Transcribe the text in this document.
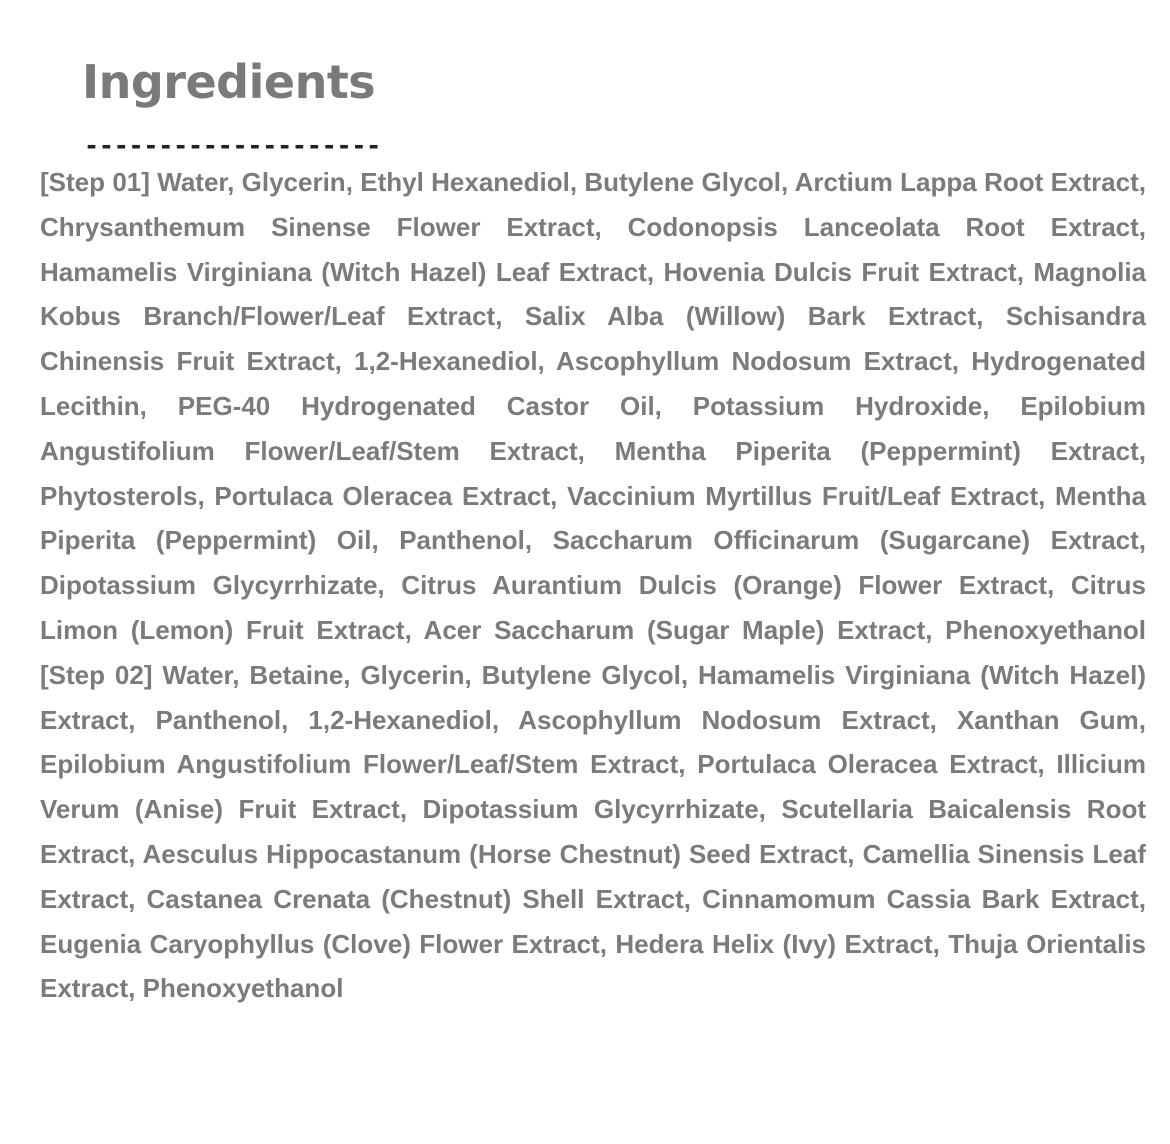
Ingredients
--------------------

[Step 01] Water, Glycerin, Ethyl Hexanediol, Butylene Glycol, Arctium Lappa Root Extract, Chrysanthemum Sinense Flower Extract, Codonopsis Lanceolata Root Extract, Hamamelis Virginiana (Witch Hazel) Leaf Extract, Hovenia Dulcis Fruit Extract, Magnolia Kobus Branch/Flower/Leaf Extract, Salix Alba (Willow) Bark Extract, Schisandra Chinensis Fruit Extract, 1,2-Hexanediol, Ascophyllum Nodosum Extract, Hydrogenated Lecithin, PEG-40 Hydrogenated Castor Oil, Potassium Hydroxide, Epilobium Angustifolium Flower/Leaf/Stem Extract, Mentha Piperita (Peppermint) Extract, Phytosterols, Portulaca Oleracea Extract, Vaccinium Myrtillus Fruit/Leaf Extract, Mentha Piperita (Peppermint) Oil, Panthenol, Saccharum Officinarum (Sugarcane) Extract, Dipotassium Glycyrrhizate, Citrus Aurantium Dulcis (Orange) Flower Extract, Citrus Limon (Lemon) Fruit Extract, Acer Saccharum (Sugar Maple) Extract, Phenoxyethanol

[Step 02] Water, Betaine, Glycerin, Butylene Glycol, Hamamelis Virginiana (Witch Hazel) Extract, Panthenol, 1,2-Hexanediol, Ascophyllum Nodosum Extract, Xanthan Gum, Epilobium Angustifolium Flower/Leaf/Stem Extract, Portulaca Oleracea Extract, Illicium Verum (Anise) Fruit Extract, Dipotassium Glycyrrhizate, Scutellaria Baicalensis Root Extract, Aesculus Hippocastanum (Horse Chestnut) Seed Extract, Camellia Sinensis Leaf Extract, Castanea Crenata (Chestnut) Shell Extract, Cinnamomum Cassia Bark Extract, Eugenia Caryophyllus (Clove) Flower Extract, Hedera Helix (Ivy) Extract, Thuja Orientalis Extract, Phenoxyethanol
